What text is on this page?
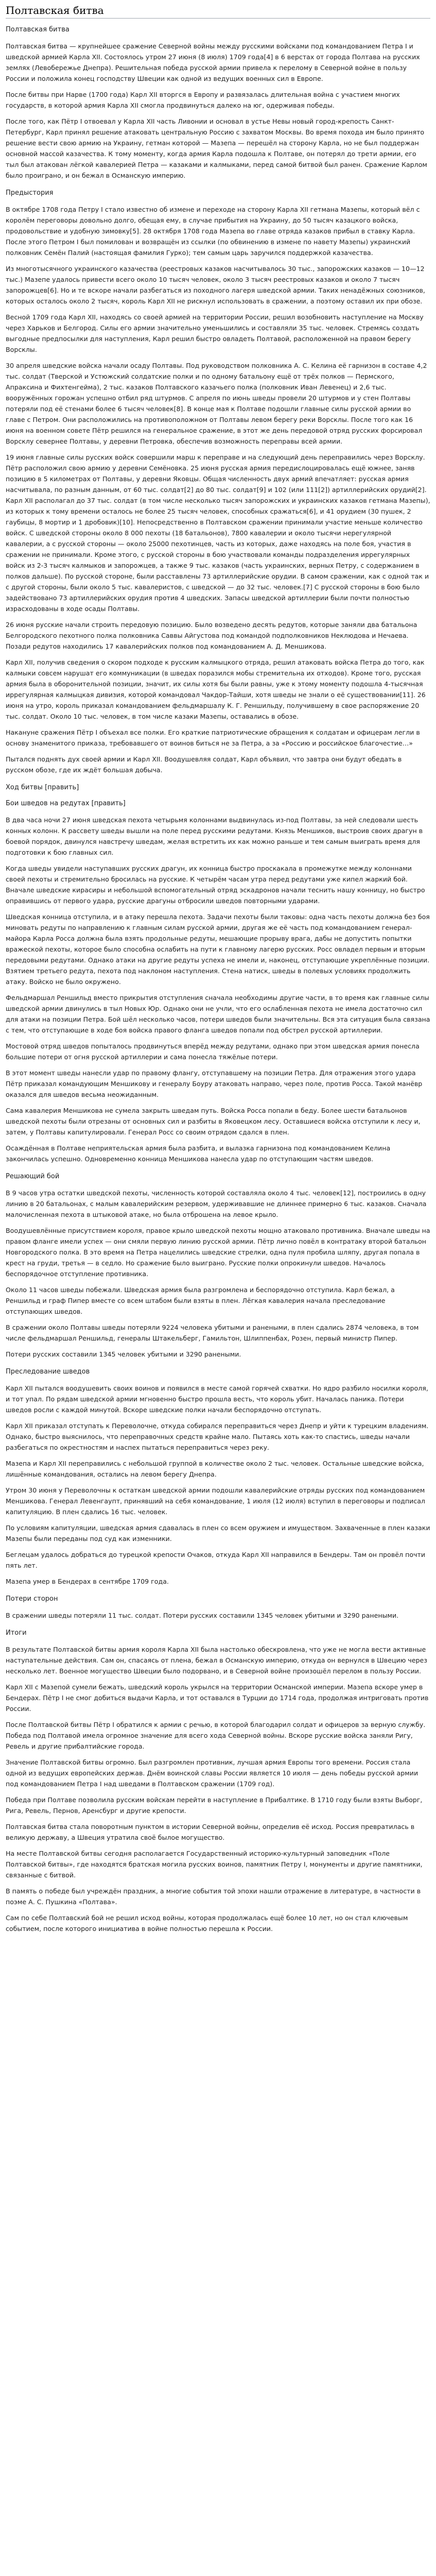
Полтавская битва
Полтавская битва

Полтавская битва — крупнейшее сражение Северной войны между русскими войсками под командованием Петра I и шведской армией Карла XII. Состоялось утром 27 июня (8 июля) 1709 года[4] в 6 верстах от города Полтава на русских землях (Левобережье Днепра). Решительная победа русской армии привела к перелому в Северной войне в пользу России и положила конец господству Швеции как одной из ведущих военных сил в Европе.

После битвы при Нарве (1700 года) Карл XII вторгся в Европу и развязалась длительная война с участием многих государств, в которой армия Карла XII смогла продвинуться далеко на юг, одерживая победы.

После того, как Пётр I отвоевал у Карла XII часть Ливонии и основал в устье Невы новый город-крепость Санкт-Петербург, Карл принял решение атаковать центральную Россию с захватом Москвы. Во время похода им было принято решение вести свою армию на Украину, гетман которой — Мазепа — перешёл на сторону Карла, но не был поддержан основной массой казачества. К тому моменту, когда армия Карла подошла к Полтаве, он потерял до трети армии, его тыл был атакован лёгкой кавалерией Петра — казаками и калмыками, перед самой битвой был ранен. Сражение Карлом было проиграно, и он бежал в Османскую империю.

Предыстория

В октябре 1708 года Петру I стало известно об измене и переходе на сторону Карла XII гетмана Мазепы, который вёл с королём переговоры довольно долго, обещая ему, в случае прибытия на Украину, до 50 тысяч казацкого войска, продовольствие и удобную зимовку[5]. 28 октября 1708 года Мазепа во главе отряда казаков прибыл в ставку Карла. После этого Петром I был помилован и возвращён из ссылки (по обвинению в измене по навету Мазепы) украинский полковник Семён Палий (настоящая фамилия Гурко); тем самым царь заручился поддержкой казачества.

Из многотысячного украинского казачества (реестровых казаков насчитывалось 30 тыс., запорожских казаков — 10—12 тыс.) Мазепе удалось привести всего около 10 тысяч человек, около 3 тысяч реестровых казаков и около 7 тысяч запорожцев[6]. Но и те вскоре начали разбегаться из походного лагеря шведской армии. Таких ненадёжных союзников, которых осталось около 2 тысяч, король Карл XII не рискнул использовать в сражении, а поэтому оставил их при обозе.

Весной 1709 года Карл XII, находясь со своей армией на территории России, решил возобновить наступление на Москву через Харьков и Белгород. Силы его армии значительно уменьшились и составляли 35 тыс. человек. Стремясь создать выгодные предпосылки для наступления, Карл решил быстро овладеть Полтавой, расположенной на правом берегу Ворсклы.

30 апреля шведские войска начали осаду Полтавы. Под руководством полковника А. С. Келина её гарнизон в составе 4,2 тыс. солдат (Тверской и Устюжский солдатские полки и по одному батальону ещё от трёх полков — Пермского, Апраксина и Фихтенгейма), 2 тыс. казаков Полтавского казачьего полка (полковник Иван Левенец) и 2,6 тыс. вооружённых горожан успешно отбил ряд штурмов. С апреля по июнь шведы провели 20 штурмов и у стен Полтавы потеряли под её стенами более 6 тысяч человек[8]. В конце мая к Полтаве подошли главные силы русской армии во главе с Петром. Они расположились на противоположном от Полтавы левом берегу реки Ворсклы. После того как 16 июня на военном совете Пётр решился на генеральное сражение, в этот же день передовой отряд русских форсировал Ворсклу севернее Полтавы, у деревни Петровка, обеспечив возможность переправы всей армии.

19 июня главные силы русских войск совершили марш к переправе и на следующий день переправились через Ворсклу. Пётр расположил свою армию у деревни Семёновка. 25 июня русская армия передислоцировалась ещё южнее, заняв позицию в 5 километрах от Полтавы, у деревни Яковцы. Общая численность двух армий впечатляет: русская армия насчитывала, по разным данным, от 60 тыс. солдат[2] до 80 тыс. солдат[9] и 102 (или 111[2]) артиллерийских орудий[2]. Карл XII располагал до 37 тыс. солдат (в том числе несколько тысяч запорожских и украинских казаков гетмана Мазепы), из которых к тому времени осталось не более 25 тысяч человек, способных сражаться[6], и 41 орудием (30 пушек, 2 гаубицы, 8 мортир и 1 дробовик)[10]. Непосредственно в Полтавском сражении принимали участие меньше количество войск. С шведской стороны около 8 000 пехоты (18 батальонов), 7800 кавалерии и около тысячи нерегулярной кавалерии, а с русской стороны — около 25000 пехотинцев, часть из которых, даже находясь на поле боя, участия в сражении не принимали. Кроме этого, с русской стороны в бою участвовали команды подразделения иррегулярных войск из 2-3 тысяч калмыков и запорожцев, а также 9 тыс. казаков (часть украинских, верных Петру, с содержанием в полков дальше). По русской стороне, были расставлены 73 артиллерийские орудии. В самом сражении, как с одной так и с другой стороны, были около 5 тыс. кавалеристов, с шведской — до 32 тыс. человек.[7] С русской стороны в бою было задействовано 73 артиллерийских орудия против 4 шведских. Запасы шведской артиллерии были почти полностью израсходованы в ходе осады Полтавы.

26 июня русские начали строить передовую позицию. Было возведено десять редутов, которые заняли два батальона Белгородского пехотного полка полковника Саввы Айгустова под командой подполковников Неклюдова и Нечаева. Позади редутов находились 17 кавалерийских полков под командованием А. Д. Меншикова.

Карл XII, получив сведения о скором подходе к русским калмыцкого отряда, решил атаковать войска Петра до того, как калмыки совсем нарушат его коммуникации (в шведах поразился мобы стремительна их отходов). Кроме того, русская армия была в оборонительной позиции, значит, их силы хотя бы были равны, уже к этому моменту подошла 4-тысячная иррегулярная калмыцкая дивизия, которой командовал Чакдор-Тайши, хотя шведы не знали о её существовании[11]. 26 июня на утро, король приказал командованием фельдмаршалу К. Г. Реншильду, получившему в свое распоряжение 20 тыс. солдат. Около 10 тыс. человек, в том числе казаки Мазепы, оставались в обозе.

Накануне сражения Пётр I объехал все полки. Его краткие патриотические обращения к солдатам и офицерам легли в основу знаменитого приказа, требовавшего от воинов биться не за Петра, а за «Россию и российское благочестие…»

Пытался поднять дух своей армии и Карл XII. Воодушевляя солдат, Карл объявил, что завтра они будут обедать в русском обозе, где их ждёт большая добыча.

Ход битвы [править]
Бои шведов на редутах [править]

В два часа ночи 27 июня шведская пехота четырьмя колоннами выдвинулась из-под Полтавы, за ней следовали шесть конных колонн. К рассвету шведы вышли на поле перед русскими редутами. Князь Меншиков, выстроив своих драгун в боевой порядок, двинулся навстречу шведам, желая встретить их как можно раньше и тем самым выиграть время для подготовки к бою главных сил.

Когда шведы увидели наступавших русских драгун, их конница быстро проскакала в промежутке между колоннами своей пехоты и стремительно бросилась на русские. К четырём часам утра перед редутами уже кипел жаркий бой. Вначале шведские кирасиры и небольшой вспомогательный отряд эскадронов начали теснить нашу конницу, но быстро оправившись от первого удара, русские драгуны отбросили шведов повторными ударами.

Шведская конница отступила, и в атаку перешла пехота. Задачи пехоты были таковы: одна часть пехоты должна без боя миновать редуты по направлению к главным силам русской армии, другая же её часть под командованием генерал-майора Карла Росса должна была взять продольные редуты, мешающие прорыву врага, дабы не допустить попытки вражеской пехоты, которое было способна ослабить на пути к главному лагерю русских. Росс овладел первым и вторым передовыми редутами. Однако атаки на другие редуты успеха не имели и, наконец, отступающие укреплённые позиции. Взятием третьего редута, пехота под наклоном наступления. Стена натиск, шведы в полевых условиях продолжить атаку. Войско не было окружено.

Фельдмаршал Реншильд вместо прикрытия отступления сначала необходимы другие части, в то время как главные силы шведской армии двинулись в тыл Новых Юр. Однако они не учли, что его ослабленная пехота не имела достаточно сил для атаки на позиции Петра. Бой шёл несколько часов, потери шведов были значительны. Вся эта ситуация была связана с тем, что отступающие в ходе боя войска правого фланга шведов попали под обстрел русской артиллерии.

Мостовой отряд шведов попыталось продвинуться вперёд между редутами, однако при этом шведская армия понесла большие потери от огня русской артиллерии и сама понесла тяжёлые потери.

В этот момент шведы нанесли удар по правому флангу, отступавшему на позиции Петра. Для отражения этого удара Пётр приказал командующим Меншикову и генералу Боуру атаковать направо, через поле, против Росса. Такой манёвр оказался для шведов весьма неожиданным.

Сама кавалерия Меншикова не сумела закрыть шведам путь. Войска Росса попали в беду. Более шести батальонов шведской пехоты были отрезаны от основных сил и разбиты в Яковецком лесу. Оставшиеся войска отступили к лесу и, затем, у Полтавы капитулировали. Генерал Росс со своим отрядом сдался в плен.

Осаждённая в Полтаве неприятельская армия была разбита, и вылазка гарнизона под командованием Келина закончилась успешно. Одновременно конница Меншикова нанесла удар по отступающим частям шведов.

Решающий бой

В 9 часов утра остатки шведской пехоты, численность которой составляла около 4 тыс. человек[12], построились в одну линию в 20 батальонах, с малым кавалерийским резервом, удерживавшие не длиннее примерно 6 тыс. казаков. Сначала малочисленная пехота в штыковой атаке, но была отброшена на левое крыло.

Воодушевлённые присутствием короля, правое крыло шведской пехоты мощно атаковало противника. Вначале шведы на правом фланге имели успех — они смяли первую линию русской армии. Пётр лично повёл в контратаку второй батальон Новгородского полка. В это время на Петра нацелились шведские стрелки, одна пуля пробила шляпу, другая попала в крест на груди, третья — в седло. Но сражение было выиграно. Русские полки опрокинули шведов. Началось беспорядочное отступление противника.

Около 11 часов шведы побежали. Шведская армия была разгромлена и беспорядочно отступила. Карл бежал, а Реншильд и граф Пипер вместе со всем штабом были взяты в плен. Лёгкая кавалерия начала преследование отступающих шведов.

В сражении около Полтавы шведы потеряли 9224 человека убитыми и ранеными, в плен сдались 2874 человека, в том числе фельдмаршал Реншильд, генералы Штакельберг, Гамильтон, Шлиппенбах, Розен, первый министр Пипер.

Потери русских составили 1345 человек убитыми и 3290 ранеными.

Преследование шведов

Карл XII пытался воодушевить своих воинов и появился в месте самой горячей схватки. Но ядро разбило носилки короля, и тот упал. По рядам шведской армии мгновенно быстро прошла весть, что король убит. Началась паника. Потери шведов росли с каждой минутой. Вскоре шведские полки начали беспорядочно отступать.

Карл XII приказал отступать к Переволочне, откуда собирался переправиться через Днепр и уйти к турецким владениям. Однако, быстро выяснилось, что переправочных средств крайне мало. Пытаясь хоть как-то спастись, шведы начали разбегаться по окрестностям и наспех пытаться переправиться через реку.

Мазепа и Карл XII переправились с небольшой группой в количестве около 2 тыс. человек. Остальные шведские войска, лишённые командования, остались на левом берегу Днепра.

Утром 30 июня у Переволочны к остаткам шведской армии подошли кавалерийские отряды русских под командованием Меншикова. Генерал Левенгаупт, принявший на себя командование, 1 июля (12 июля) вступил в переговоры и подписал капитуляцию. В плен сдались 16 тыс. человек.

По условиям капитуляции, шведская армия сдавалась в плен со всем оружием и имуществом. Захваченные в плен казаки Мазепы были переданы под суд как изменники.

Беглецам удалось добраться до турецкой крепости Очаков, откуда Карл XII направился в Бендеры. Там он провёл почти пять лет.

Мазепа умер в Бендерах в сентябре 1709 года.

Потери сторон

В сражении шведы потеряли 11 тыс. солдат. Потери русских составили 1345 человек убитыми и 3290 ранеными.

Итоги

В результате Полтавской битвы армия короля Карла XII была настолько обескровлена, что уже не могла вести активные наступательные действия. Сам он, спасаясь от плена, бежал в Османскую империю, откуда он вернулся в Швецию через несколько лет. Военное могущество Швеции было подорвано, и в Северной войне произошёл перелом в пользу России.

Карл XII с Мазепой сумели бежать, шведский король укрылся на территории Османской империи. Мазепа вскоре умер в Бендерах. Пётр I не смог добиться выдачи Карла, и тот оставался в Турции до 1714 года, продолжая интриговать против России.

После Полтавской битвы Пётр I обратился к армии с речью, в которой благодарил солдат и офицеров за верную службу. Победа под Полтавой имела огромное значение для всего хода Северной войны. Вскоре русские войска заняли Ригу, Ревель и другие прибалтийские города.

Значение Полтавской битвы огромно. Был разгромлен противник, лучшая армия Европы того времени. Россия стала одной из ведущих европейских держав. Днём воинской славы России является 10 июля — день победы русской армии под командованием Петра I над шведами в Полтавском сражении (1709 год).

Победа при Полтаве позволила русским войскам перейти в наступление в Прибалтике. В 1710 году были взяты Выборг, Рига, Ревель, Пернов, Аренсбург и другие крепости.

Полтавская битва стала поворотным пунктом в истории Северной войны, определив её исход. Россия превратилась в великую державу, а Швеция утратила своё былое могущество.

На месте Полтавской битвы сегодня располагается Государственный историко-культурный заповедник «Поле Полтавской битвы», где находятся братская могила русских воинов, памятник Петру I, монументы и другие памятники, связанные с битвой.

В память о победе был учреждён праздник, а многие события той эпохи нашли отражение в литературе, в частности в поэме А. С. Пушкина «Полтава».

Сам по себе Полтавский бой не решил исход войны, которая продолжалась ещё более 10 лет, но он стал ключевым событием, после которого инициатива в войне полностью перешла к России.
